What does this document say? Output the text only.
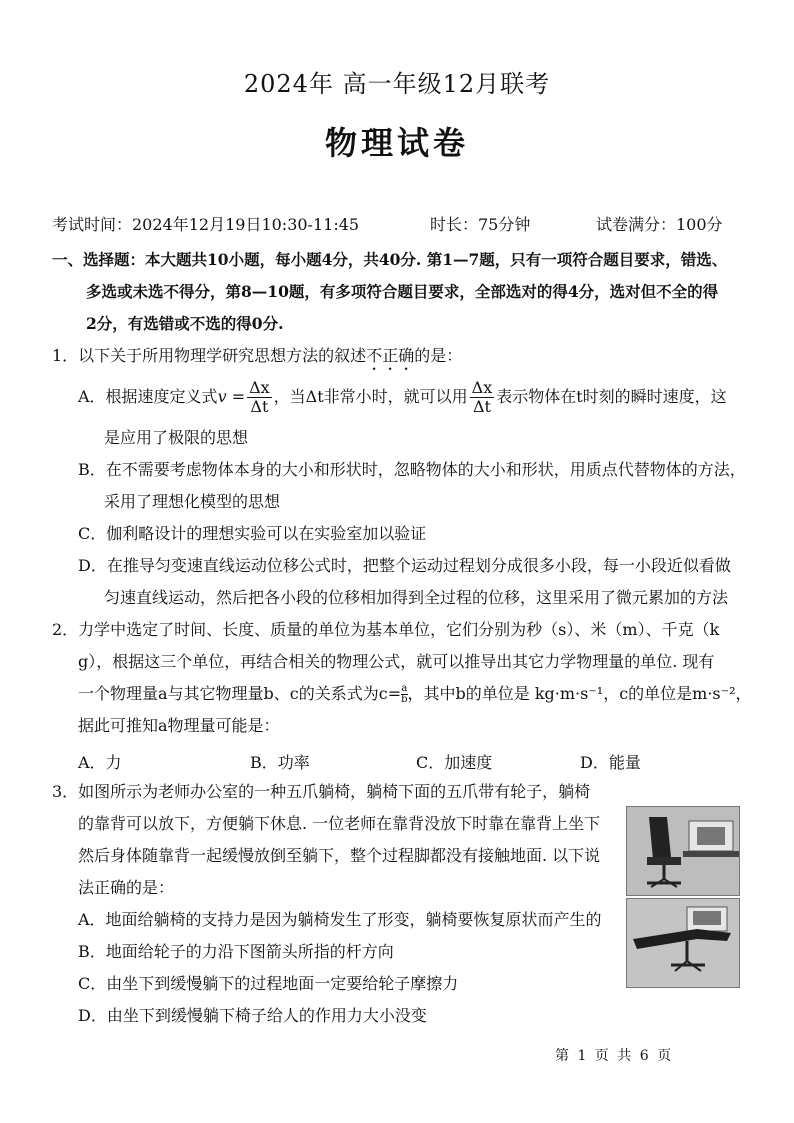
2024年 高一年级12月联考
物理试卷
考试时间：2024年12月19日10:30-11:45	时长：75分钟	试卷满分：100分
一、选择题：本大题共10小题，每小题4分，共40分. 第1—7题，只有一项符合题目要求，错选、
多选或未选不得分，第8—10题，有多项符合题目要求，全部选对的得4分，选对但不全的得
2分，有选错或不选的得0分.
1．以下关于所用物理学研究思想方法的叙述不正确的是：
A．根据速度定义式$v = \frac{\Delta x}{\Delta t}$ ，当Δt非常小时，就可以用 $\frac{\Delta x}{\Delta t}$ 表示物体在t时刻的瞬时速度，这
是应用了极限的思想
B．在不需要考虑物体本身的大小和形状时，忽略物体的大小和形状，用质点代替物体的方法，
采用了理想化模型的思想
C．伽利略设计的理想实验可以在实验室加以验证
D．在推导匀变速直线运动位移公式时，把整个运动过程划分成很多小段，每一小段近似看做
匀速直线运动，然后把各小段的位移相加得到全过程的位移，这里采用了微元累加的方法
2．力学中选定了时间、长度、质量的单位为基本单位，它们分别为秒（s）、米（m）、千克（k
g），根据这三个单位，再结合相关的物理公式，就可以推导出其它力学物理量的单位. 现有
一个物理量a与其它物理量b、c的关系式为$c= \frac{a}{b}$ ，其中b的单位是 kg·m·s⁻¹，c的单位是m·s⁻²，
据此可推知a物理量可能是：
A．力	B．功率	C．加速度	D．能量
3．如图所示为老师办公室的一种五爪躺椅，躺椅下面的五爪带有轮子，躺椅
的靠背可以放下，方便躺下休息. 一位老师在靠背没放下时靠在靠背上坐下
然后身体随靠背一起缓慢放倒至躺下，整个过程脚都没有接触地面. 以下说
法正确的是：
A．地面给躺椅的支持力是因为躺椅发生了形变，躺椅要恢复原状而产生的
B．地面给轮子的力沿下图箭头所指的杆方向
C．由坐下到缓慢躺下的过程地面一定要给轮子摩擦力
D．由坐下到缓慢躺下椅子给人的作用力大小没变
第 1 页 共 6 页
